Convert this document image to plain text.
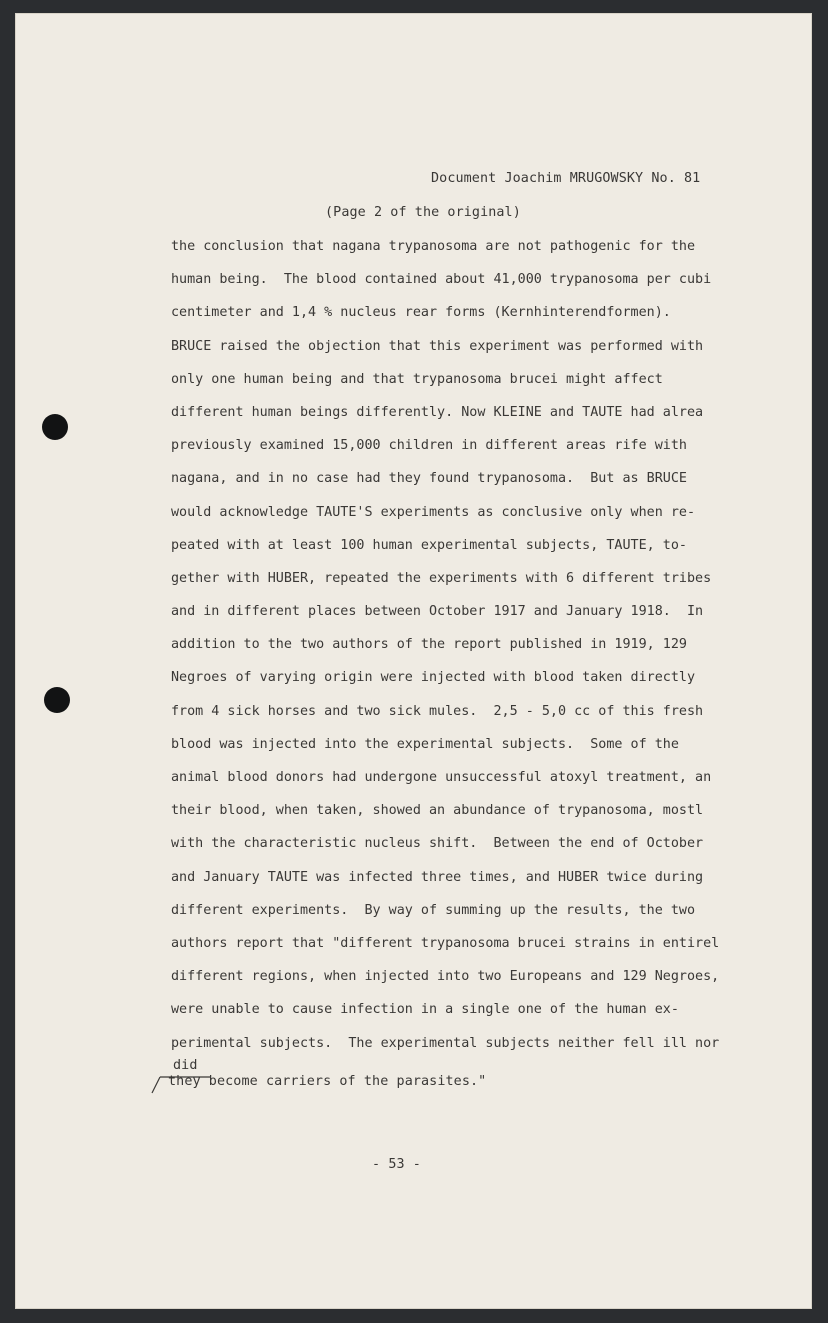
Document Joachim MRUGOWSKY No. 81
(Page 2 of the original)
the conclusion that nagana trypanosoma are not pathogenic for the
human being.  The blood contained about 41,000 trypanosoma per cubi
centimeter and 1,4 % nucleus rear forms (Kernhinterendformen).
BRUCE raised the objection that this experiment was performed with
only one human being and that trypanosoma brucei might affect
different human beings differently. Now KLEINE and TAUTE had alrea
previously examined 15,000 children in different areas rife with
nagana, and in no case had they found trypanosoma.  But as BRUCE
would acknowledge TAUTE'S experiments as conclusive only when re-
peated with at least 100 human experimental subjects, TAUTE, to-
gether with HUBER, repeated the experiments with 6 different tribes
and in different places between October 1917 and January 1918.  In
addition to the two authors of the report published in 1919, 129
Negroes of varying origin were injected with blood taken directly
from 4 sick horses and two sick mules.  2,5 - 5,0 cc of this fresh
blood was injected into the experimental subjects.  Some of the
animal blood donors had undergone unsuccessful atoxyl treatment, an
their blood, when taken, showed an abundance of trypanosoma, mostl
with the characteristic nucleus shift.  Between the end of October
and January TAUTE was infected three times, and HUBER twice during
different experiments.  By way of summing up the results, the two
authors report that "different trypanosoma brucei strains in entirel
different regions, when injected into two Europeans and 129 Negroes,
were unable to cause infection in a single one of the human ex-
perimental subjects.  The experimental subjects neither fell ill nor
did
they become carriers of the parasites."
- 53 -
